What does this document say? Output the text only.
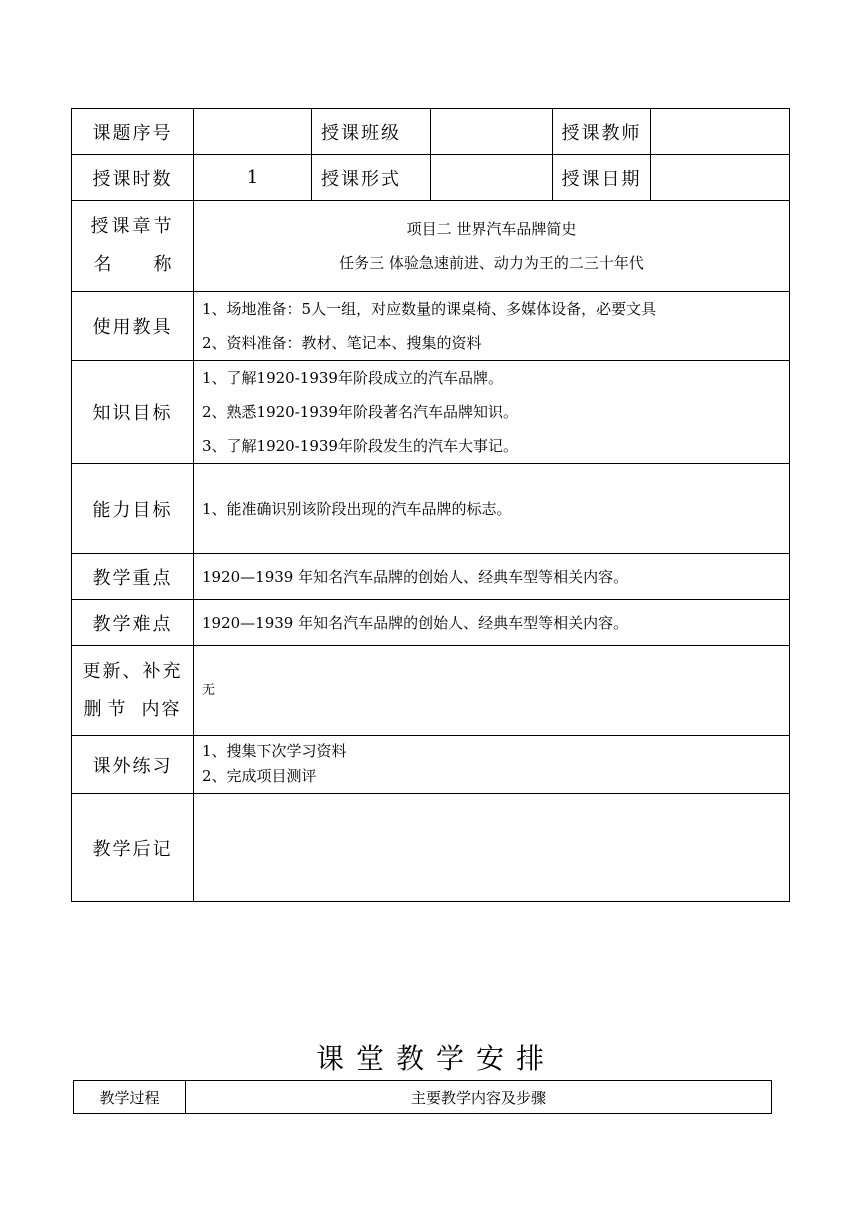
课题序号		授课班级		授课教师	
授课时数	1	授课形式		授课日期	

授课章节
名 称	项目二 世界汽车品牌简史
任务三 体验急速前进、动力为王的二三十年代				

使用教具	1、场地准备：5人一组，对应数量的课桌椅、多媒体设备，必要文具
2、资料准备：教材、笔记本、搜集的资料				

知识目标	1、了解1920-1939年阶段成立的汽车品牌。
2、熟悉1920-1939年阶段著名汽车品牌知识。
3、了解1920-1939年阶段发生的汽车大事记。				

能力目标	1、能准确识别该阶段出现的汽车品牌的标志。				
教学重点	1920—1939 年知名汽车品牌的创始人、经典车型等相关内容。				
教学难点	1920—1939 年知名汽车品牌的创始人、经典车型等相关内容。				

更新、补充
删节 内容	无				
课外练习	1、搜集下次学习资料
2、完成项目测评				

教学后记					
课堂教学安排
教学过程	主要教学内容及步骤
